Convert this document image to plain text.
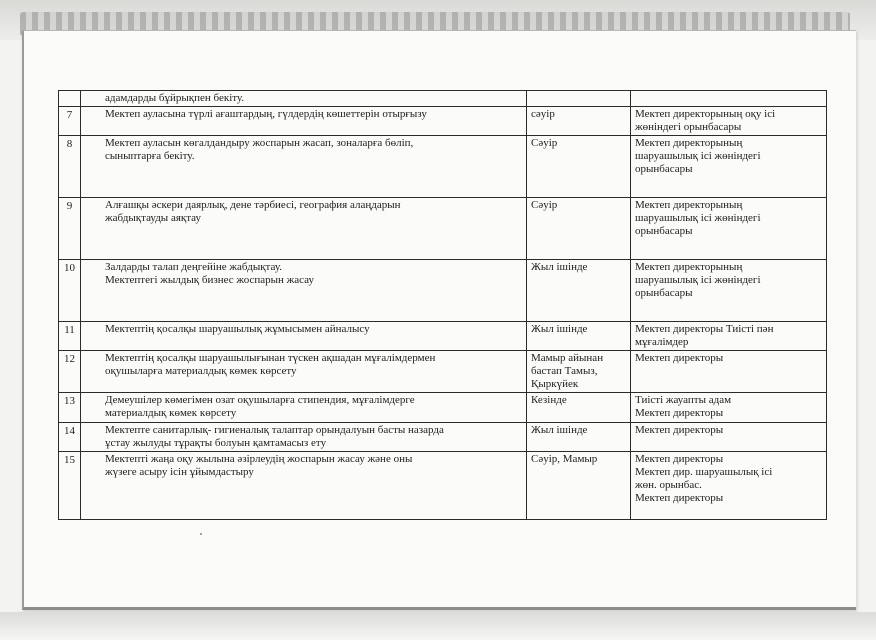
	адамдарды бұйрықпен бекіту.		

7	Мектеп ауласына түрлі ағаштардың, гүлдердің көшеттерін отырғызу	сәуір	Мектеп директорының оқу ісі
жөніндегі орынбасары

8	Мектеп ауласын көгалдандыру жоспарын жасап, зоналарға бөліп,
сыныптарға бекіту.	Сәуір	Мектеп директорының
шаруашылық ісі жөніндегі
орынбасары

9	Алғашқы әскери даярлық, дене тәрбиесі, география алаңдарын
жабдықтауды аяқтау	Сәуір	Мектеп директорының
шаруашылық ісі жөніндегі
орынбасары

10	Залдарды талап деңгейіне жабдықтау.
Мектептегі жылдық бизнес жоспарын жасау	Жыл ішінде	Мектеп директорының
шаруашылық ісі жөніндегі
орынбасары

11	Мектептің қосалқы шаруашылық жұмысымен айналысу	Жыл ішінде	Мектеп директоры Тиісті пән
мұғалімдер

12	Мектептің қосалқы шаруашылығынан түскен ақшадан мұғалімдермен
оқушыларға материалдық көмек көрсету	Мамыр айынан
бастап Тамыз,
Қыркүйек	Мектеп директоры

13	Демеушілер көмегімен озат оқушыларға стипендия, мұғалімдерге
материалдық көмек көрсету	Кезінде	Тиісті жауапты адам
Мектеп директоры

14	Мектепте санитарлық- гигиеналық талаптар орындалуын басты назарда
ұстау жылуды тұрақты болуын қамтамасыз ету	Жыл ішінде	Мектеп директоры

15	Мектепті жаңа оқу жылына әзірлеудің жоспарын жасау және оны
жүзеге асыру ісін ұйымдастыру	Сәуір, Мамыр	Мектеп директоры
Мектеп дир. шаруашылық ісі
жөн. орынбас.
Мектеп директоры
